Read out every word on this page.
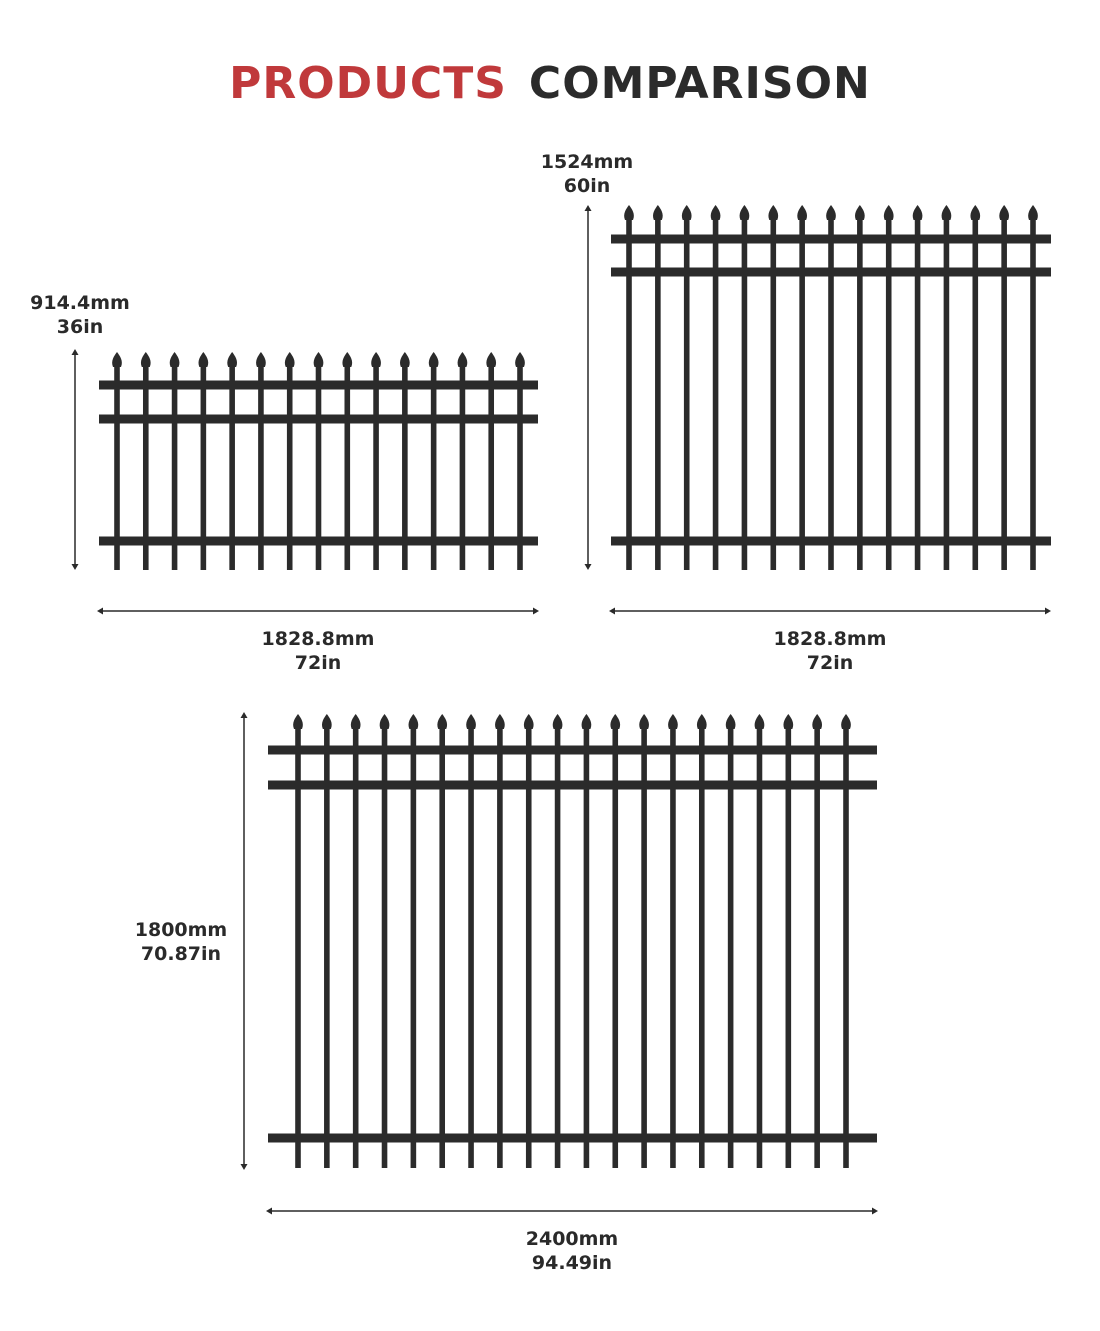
PRODUCTS COMPARISON
914.4mm
36in
1828.8mm
72in
1524mm
60in
1828.8mm
72in
1800mm
70.87in
2400mm
94.49in
